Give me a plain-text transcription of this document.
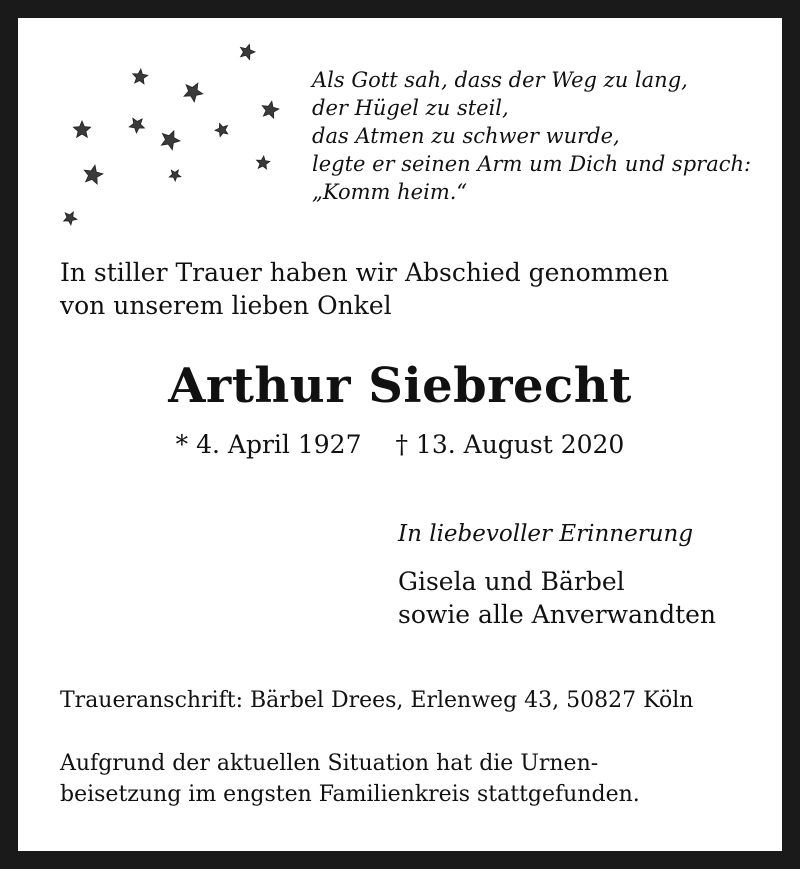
Als Gott sah, dass der Weg zu lang,
der Hügel zu steil,
das Atmen zu schwer wurde,
legte er seinen Arm um Dich und sprach:
„Komm heim.“
In stiller Trauer haben wir Abschied genommen
von unserem lieben Onkel
Arthur Siebrecht
* 4. April 1927 † 13. August 2020
In liebevoller Erinnerung
Gisela und Bärbel
sowie alle Anverwandten
Traueranschrift: Bärbel Drees, Erlenweg 43, 50827 Köln
Aufgrund der aktuellen Situation hat die Urnen-
beisetzung im engsten Familienkreis stattgefunden.
